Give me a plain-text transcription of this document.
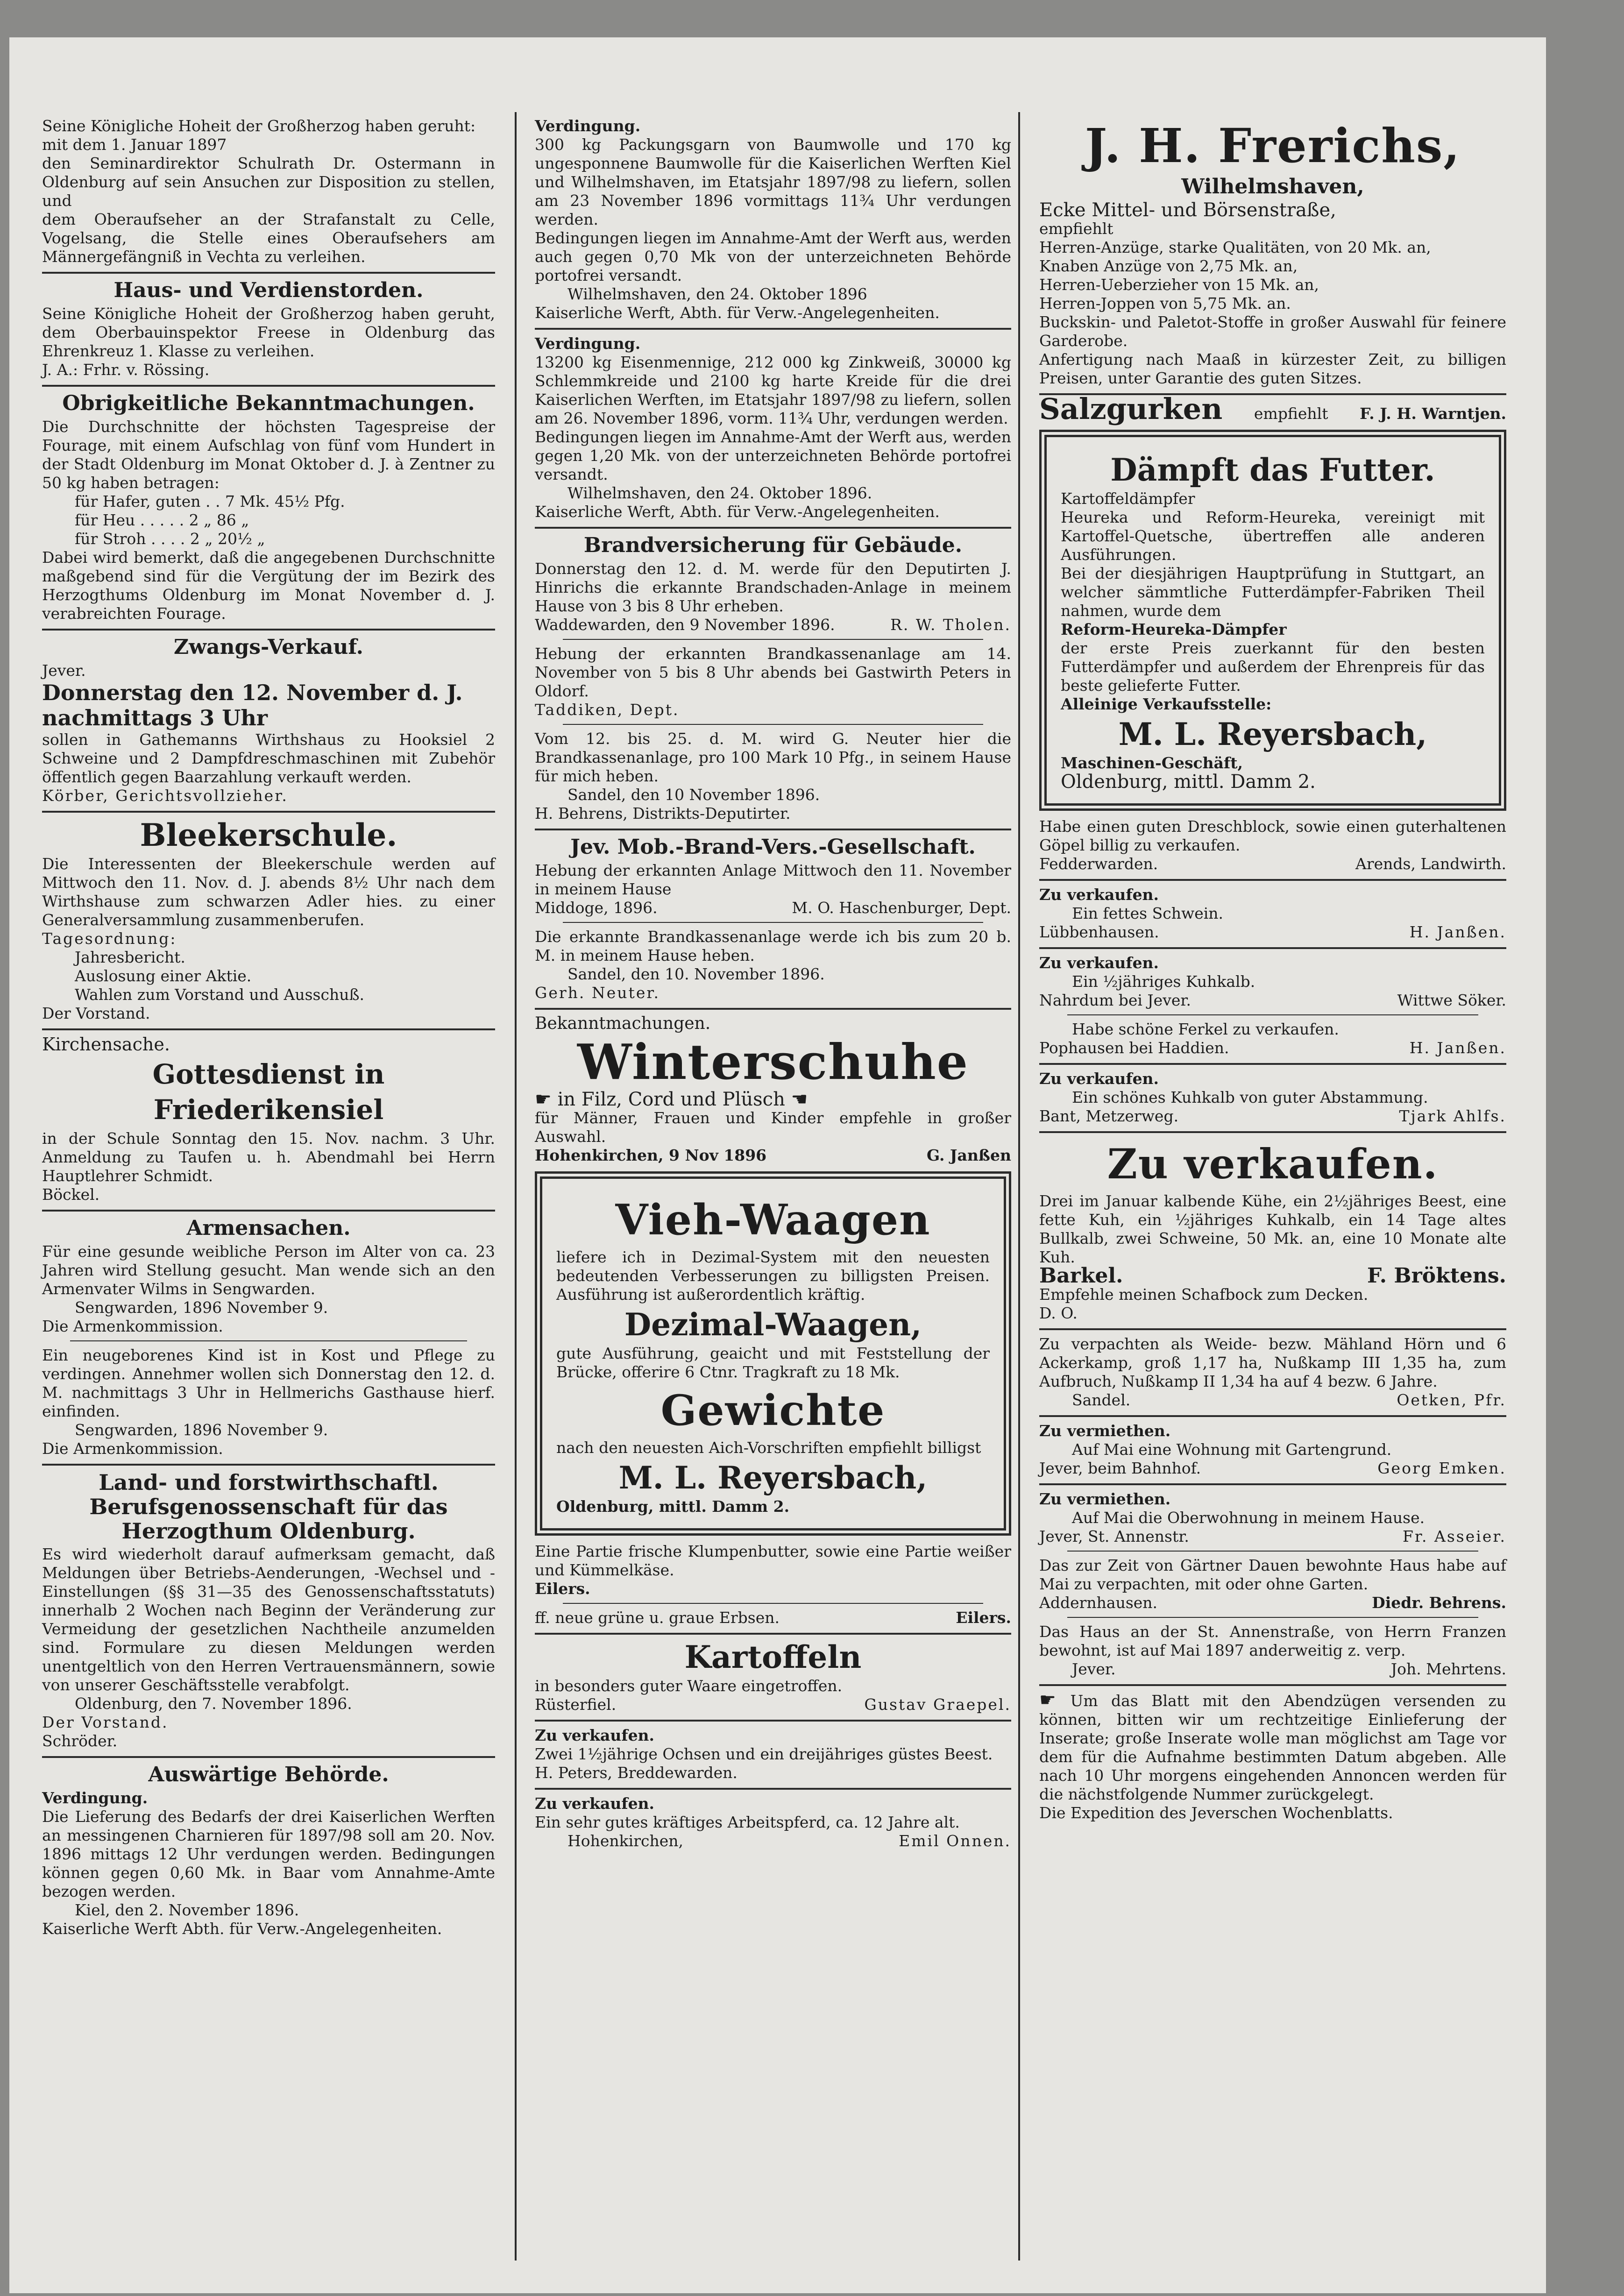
Seine Königliche Hoheit der Großherzog haben geruht:

mit dem 1. Januar 1897

den Seminardirektor Schulrath Dr. Ostermann in Oldenburg auf sein Ansuchen zur Disposition zu stellen, und

dem Oberaufseher an der Strafanstalt zu Celle, Vogelsang, die Stelle eines Oberaufsehers am Männergefängniß in Vechta zu verleihen.

Haus- und Verdienstorden.

Seine Königliche Hoheit der Großherzog haben geruht, dem Oberbauinspektor Freese in Oldenburg das Ehrenkreuz 1. Klasse zu verleihen.

J. A.: Frhr. v. Rössing.

Obrigkeitliche Bekanntmachungen.

Die Durchschnitte der höchsten Tagespreise der Fourage, mit einem Aufschlag von fünf vom Hundert in der Stadt Oldenburg im Monat Oktober d. J. à Zentner zu 50 kg haben betragen:

für Hafer, guten . . 7 Mk. 45½ Pfg.

für Heu . . . . . 2 „ 86 „

für Stroh . . . . 2 „ 20½ „

Dabei wird bemerkt, daß die angegebenen Durchschnitte maßgebend sind für die Vergütung der im Bezirk des Herzogthums Oldenburg im Monat November d. J. verabreichten Fourage.

Zwangs-Verkauf.

Jever.

Donnerstag den 12. November d. J.

nachmittags 3 Uhr

sollen in Gathemanns Wirthshaus zu Hooksiel 2 Schweine und 2 Dampfdreschmaschinen mit Zubehör öffentlich gegen Baarzahlung verkauft werden.

Körber, Gerichtsvollzieher.

Bleekerschule.

Die Interessenten der Bleekerschule werden auf Mittwoch den 11. Nov. d. J. abends 8½ Uhr nach dem Wirthshause zum schwarzen Adler hies. zu einer Generalversammlung zusammenberufen.

Tagesordnung:

Jahresbericht.

Auslosung einer Aktie.

Wahlen zum Vorstand und Ausschuß.

Der Vorstand.

Kirchensache.

Gottesdienst in Friederikensiel

in der Schule Sonntag den 15. Nov. nachm. 3 Uhr. Anmeldung zu Taufen u. h. Abendmahl bei Herrn Hauptlehrer Schmidt.

Böckel.

Armensachen.

Für eine gesunde weibliche Person im Alter von ca. 23 Jahren wird Stellung gesucht. Man wende sich an den Armenvater Wilms in Sengwarden.

Sengwarden, 1896 November 9.

Die Armenkommission.

Ein neugeborenes Kind ist in Kost und Pflege zu verdingen. Annehmer wollen sich Donnerstag den 12. d. M. nachmittags 3 Uhr in Hellmerichs Gasthause hierf. einfinden.

Sengwarden, 1896 November 9.

Die Armenkommission.

Land- und forstwirthschaftl. Berufsgenossenschaft für das Herzogthum Oldenburg.

Es wird wiederholt darauf aufmerksam gemacht, daß Meldungen über Betriebs-Aenderungen, -Wechsel und -Einstellungen (§§ 31—35 des Genossenschaftsstatuts) innerhalb 2 Wochen nach Beginn der Veränderung zur Vermeidung der gesetzlichen Nachtheile anzumelden sind. Formulare zu diesen Meldungen werden unentgeltlich von den Herren Vertrauensmännern, sowie von unserer Geschäftsstelle verabfolgt.

Oldenburg, den 7. November 1896.

Der Vorstand.

Schröder.

Auswärtige Behörde.

Verdingung.

Die Lieferung des Bedarfs der drei Kaiserlichen Werften an messingenen Charnieren für 1897/98 soll am 20. Nov. 1896 mittags 12 Uhr verdungen werden. Bedingungen können gegen 0,60 Mk. in Baar vom Annahme-Amte bezogen werden.

Kiel, den 2. November 1896.

Kaiserliche Werft Abth. für Verw.-Angelegenheiten.

Verdingung.

300 kg Packungsgarn von Baumwolle und 170 kg ungesponnene Baumwolle für die Kaiserlichen Werften Kiel und Wilhelmshaven, im Etatsjahr 1897/98 zu liefern, sollen am 23 November 1896 vormittags 11¾ Uhr verdungen werden.

Bedingungen liegen im Annahme-Amt der Werft aus, werden auch gegen 0,70 Mk von der unterzeichneten Behörde portofrei versandt.

Wilhelmshaven, den 24. Oktober 1896

Kaiserliche Werft, Abth. für Verw.-Angelegenheiten.

Verdingung.

13200 kg Eisenmennige, 212 000 kg Zinkweiß, 30000 kg Schlemmkreide und 2100 kg harte Kreide für die drei Kaiserlichen Werften, im Etatsjahr 1897/98 zu liefern, sollen am 26. November 1896, vorm. 11¾ Uhr, verdungen werden.

Bedingungen liegen im Annahme-Amt der Werft aus, werden gegen 1,20 Mk. von der unterzeichneten Behörde portofrei versandt.

Wilhelmshaven, den 24. Oktober 1896.

Kaiserliche Werft, Abth. für Verw.-Angelegenheiten.

Brandversicherung für Gebäude.

Donnerstag den 12. d. M. werde für den Deputirten J. Hinrichs die erkannte Brandschaden-Anlage in meinem Hause von 3 bis 8 Uhr erheben.

Waddewarden, den 9 November 1896.	R. W. Tholen.

Hebung der erkannten Brandkassenanlage am 14. November von 5 bis 8 Uhr abends bei Gastwirth Peters in Oldorf.

Taddiken, Dept.

Vom 12. bis 25. d. M. wird G. Neuter hier die Brandkassenanlage, pro 100 Mark 10 Pfg., in seinem Hause für mich heben.

Sandel, den 10 November 1896.

H. Behrens, Distrikts-Deputirter.

Jev. Mob.-Brand-Vers.-Gesellschaft.

Hebung der erkannten Anlage Mittwoch den 11. November in meinem Hause

Middoge, 1896.	M. O. Haschenburger, Dept.

Die erkannte Brandkassenanlage werde ich bis zum 20 b. M. in meinem Hause heben.

Sandel, den 10. November 1896.

Gerh. Neuter.

Bekanntmachungen.

Winterschuhe

☛ in Filz, Cord und Plüsch ☚

für Männer, Frauen und Kinder empfehle in großer Auswahl.

Hohenkirchen, 9 Nov 1896	G. Janßen
Vieh-Waagen

liefere ich in Dezimal-System mit den neuesten bedeutenden Verbesserungen zu billigsten Preisen. Ausführung ist außerordentlich kräftig.

Dezimal-Waagen,

gute Ausführung, geaicht und mit Feststellung der Brücke, offerire 6 Ctnr. Tragkraft zu 18 Mk.

Gewichte

nach den neuesten Aich-Vorschriften empfiehlt billigst

M. L. Reyersbach,

Oldenburg, mittl. Damm 2.

Eine Partie frische Klumpenbutter, sowie eine Partie weißer und Kümmelkäse.

Eilers.

ff. neue grüne u. graue Erbsen.	Eilers.
Kartoffeln

in besonders guter Waare eingetroffen.

Rüsterfiel.	Gustav Graepel.

Zu verkaufen.

Zwei 1½jährige Ochsen und ein dreijähriges güstes Beest.

H. Peters, Breddewarden.

Zu verkaufen.

Ein sehr gutes kräftiges Arbeitspferd, ca. 12 Jahre alt.

Hohenkirchen,	Emil Onnen.
J. H. Frerichs,
Wilhelmshaven,

Ecke Mittel- und Börsenstraße,

empfiehlt

Herren-Anzüge, starke Qualitäten, von 20 Mk. an,

Knaben Anzüge von 2,75 Mk. an,

Herren-Ueberzieher von 15 Mk. an,

Herren-Joppen von 5,75 Mk. an.

Buckskin- und Paletot-Stoffe in großer Auswahl für feinere Garderobe.

Anfertigung nach Maaß in kürzester Zeit, zu billigen Preisen, unter Garantie des guten Sitzes.

Salzgurken empfiehlt F. J. H. Warntjen.
Dämpft das Futter.

Kartoffeldämpfer

Heureka und Reform-Heureka, vereinigt mit Kartoffel-Quetsche, übertreffen alle anderen Ausführungen.

Bei der diesjährigen Hauptprüfung in Stuttgart, an welcher sämmtliche Futterdämpfer-Fabriken Theil nahmen, wurde dem

Reform-Heureka-Dämpfer

der erste Preis zuerkannt für den besten Futterdämpfer und außerdem der Ehrenpreis für das beste gelieferte Futter.

Alleinige Verkaufsstelle:

M. L. Reyersbach,

Maschinen-Geschäft,

Oldenburg, mittl. Damm 2.

Habe einen guten Dreschblock, sowie einen guterhaltenen Göpel billig zu verkaufen.

Fedderwarden.	Arends, Landwirth.

Zu verkaufen.

Ein fettes Schwein.

Lübbenhausen.	H. Janßen.

Zu verkaufen.

Ein ½jähriges Kuhkalb.

Nahrdum bei Jever.	Wittwe Söker.

Habe schöne Ferkel zu verkaufen.

Pophausen bei Haddien.	H. Janßen.

Zu verkaufen.

Ein schönes Kuhkalb von guter Abstammung.

Bant, Metzerweg.	Tjark Ahlfs.
Zu verkaufen.

Drei im Januar kalbende Kühe, ein 2½jähriges Beest, eine fette Kuh, ein ½jähriges Kuhkalb, ein 14 Tage altes Bullkalb, zwei Schweine, 50 Mk. an, eine 10 Monate alte Kuh.

Barkel.	F. Bröktens.

Empfehle meinen Schafbock zum Decken.

D. O.

Zu verpachten als Weide- bezw. Mähland Hörn und 6 Ackerkamp, groß 1,17 ha, Nußkamp III 1,35 ha, zum Aufbruch, Nußkamp II 1,34 ha auf 4 bezw. 6 Jahre.

Sandel.	Oetken, Pfr.

Zu vermiethen.

Auf Mai eine Wohnung mit Gartengrund.

Jever, beim Bahnhof.	Georg Emken.

Zu vermiethen.

Auf Mai die Oberwohnung in meinem Hause.

Jever, St. Annenstr.	Fr. Asseier.

Das zur Zeit von Gärtner Dauen bewohnte Haus habe auf Mai zu verpachten, mit oder ohne Garten.

Addernhausen.	Diedr. Behrens.

Das Haus an der St. Annenstraße, von Herrn Franzen bewohnt, ist auf Mai 1897 anderweitig z. verp.

Jever.	Joh. Mehrtens.

☛ Um das Blatt mit den Abendzügen versenden zu können, bitten wir um rechtzeitige Einlieferung der Inserate; große Inserate wolle man möglichst am Tage vor dem für die Aufnahme bestimmten Datum abgeben. Alle nach 10 Uhr morgens eingehenden Annoncen werden für die nächstfolgende Nummer zurückgelegt.

Die Expedition des Jeverschen Wochenblatts.
